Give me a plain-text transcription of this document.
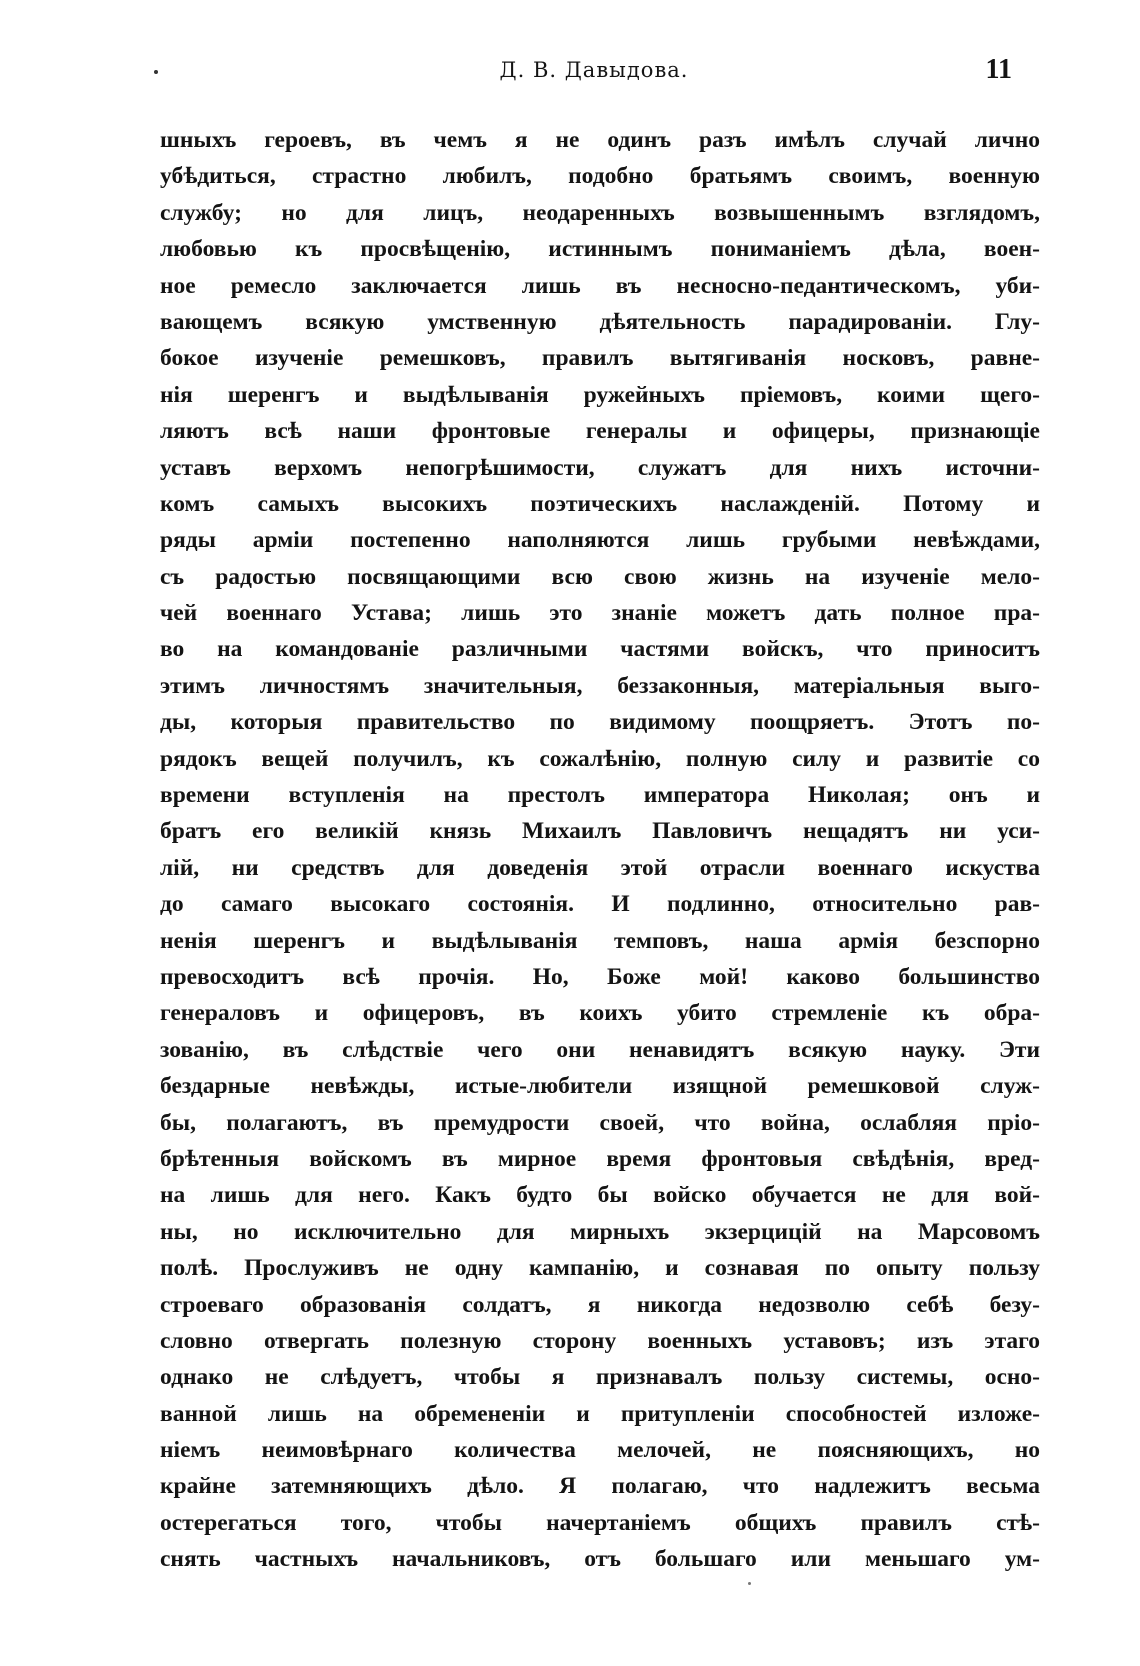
Д. В. Давыдова.	11
шныхъ героевъ, въ чемъ я не одинъ разъ имѣлъ случай лично
убѣдиться, страстно любилъ, подобно братьямъ своимъ, военную
службу; но для лицъ, неодаренныхъ возвышеннымъ взглядомъ,
любовью къ просвѣщенію, истиннымъ пониманіемъ дѣла, воен-
ное ремесло заключается лишь въ несносно-педантическомъ, уби-
вающемъ всякую умственную дѣятельность парадированіи. Глу-
бокое изученіе ремешковъ, правилъ вытягиванія носковъ, равне-
нія шеренгъ и выдѣлыванія ружейныхъ пріемовъ, коими щего-
ляютъ всѣ наши фронтовые генералы и офицеры, признающіе
уставъ верхомъ непогрѣшимости, служатъ для нихъ источни-
комъ самыхъ высокихъ поэтическихъ наслажденій. Потому и
ряды арміи постепенно наполняются лишь грубыми невѣждами,
съ радостью посвящающими всю свою жизнь на изученіе мело-
чей военнаго Устава; лишь это знаніе можетъ дать полное пра-
во на командованіе различными частями войскъ, что приноситъ
этимъ личностямъ значительныя, беззаконныя, матеріальныя выго-
ды, которыя правительство по видимому поощряетъ. Этотъ по-
рядокъ вещей получилъ, къ сожалѣнію, полную силу и развитіе со
времени вступленія на престолъ императора Николая; онъ и
братъ его великій князь Михаилъ Павловичъ нещадятъ ни уси-
лій, ни средствъ для доведенія этой отрасли военнаго искуства
до самаго высокаго состоянія. И подлинно, относительно рав-
ненія шеренгъ и выдѣлыванія темповъ, наша армія безспорно
превосходитъ всѣ прочія. Но, Боже мой! каково большинство
генераловъ и офицеровъ, въ коихъ убито стремленіе къ обра-
зованію, въ слѣдствіе чего они ненавидятъ всякую науку. Эти
бездарные невѣжды, истые-любители изящной ремешковой служ-
бы, полагаютъ, въ премудрости своей, что война, ослабляя пріо-
брѣтенныя войскомъ въ мирное время фронтовыя свѣдѣнія, вред-
на лишь для него. Какъ будто бы войско обучается не для вой-
ны, но исключительно для мирныхъ экзерцицій на Марсовомъ
полѣ. Прослуживъ не одну кампанію, и сознавая по опыту пользу
строеваго образованія солдатъ, я никогда недозволю себѣ безу-
словно отвергать полезную сторону военныхъ уставовъ; изъ этаго
однако не слѣдуетъ, чтобы я признавалъ пользу системы, осно-
ванной лишь на обремененіи и притупленіи способностей изложе-
ніемъ неимовѣрнаго количества мелочей, не поясняющихъ, но
крайне затемняющихъ дѣло. Я полагаю, что надлежитъ весьма
остерегаться того, чтобы начертаніемъ общихъ правилъ стѣ-
снять частныхъ начальниковъ, отъ большаго или меньшаго ум-
